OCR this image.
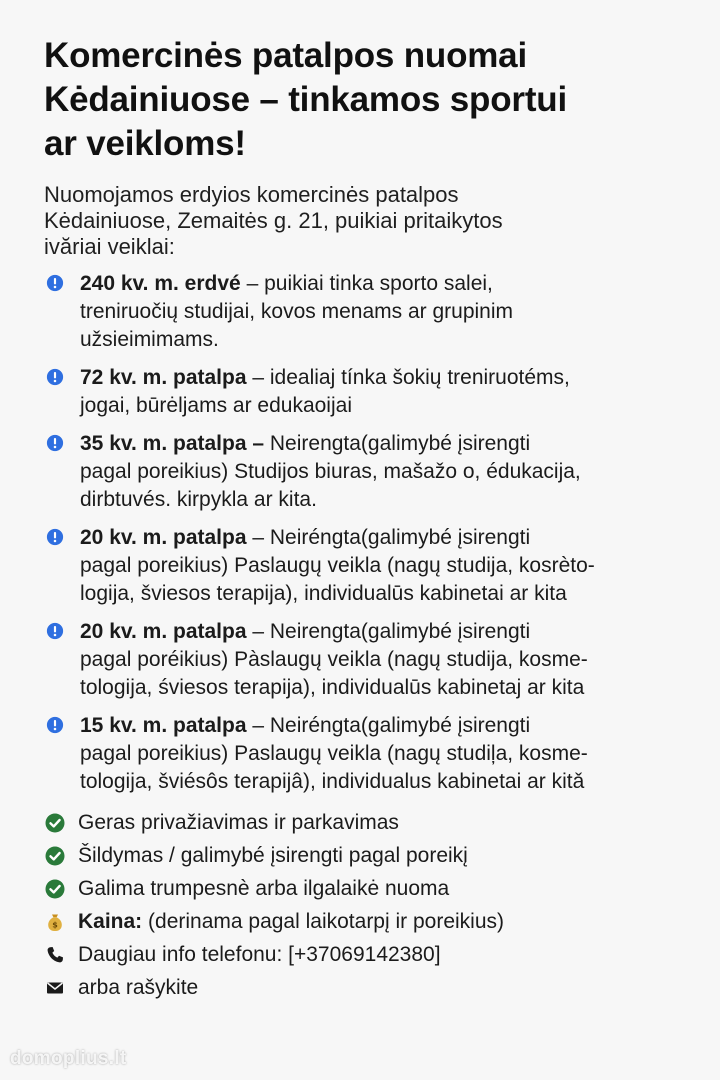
Komercinės patalpos nuomai
Kėdainiuose – tinkamos sportui
ar veikloms!
Nuomojamos erdyios komercinės patalpos
Kėdainiuose, Zemaitės g. 21, puikiai pritaikytos
ivăriai veiklai:
240 kv. m. erdvé – puikiai tinka sporto salei,
treniruočių studijai, kovos menams ar grupinim
užsieimimams.
72 kv. m. patalpa – idealiaj tínka šokių treniruotéms,
jogai, būrėljams ar edukaoijai
35 kv. m. patalpa – Neirengta(galimybé įsirengti
pagal poreikius) Studijos biuras, mašažo o, édukacija,
dirbtuvés. kirpykla ar kita.
20 kv. m. patalpa – Neiréngta(galimybé įsirengti
pagal poreikius) Paslaugų veikla (nagų studija, kosrèto-
logija, šviesos terapija), individualūs kabinetai ar kita
20 kv. m. patalpa – Neirengta(galimybé įsirengti
pagal poréikius) Pàslaugų veikla (nagų studija, kosme-
tologija, śviesos terapija), individualūs kabinetaj ar kita
15 kv. m. patalpa – Neiréngta(galimybé įsirengti
pagal poreikius) Paslaugų veikla (nagų studiļa, kosme-
tologija, šviésôs terapijâ), individualus kabinetai ar kitǎ
Geras privažiavimas ir parkavimas
Šildymas / galimybé įsirengti pagal poreikį
Galima trumpesnè arba ilgalaikė nuoma
$ Kaina: (derinama pagal laikotarpį ir poreikius)
Daugiau info telefonu: [+37069142380]
arba rašykite
domoplius.lt
